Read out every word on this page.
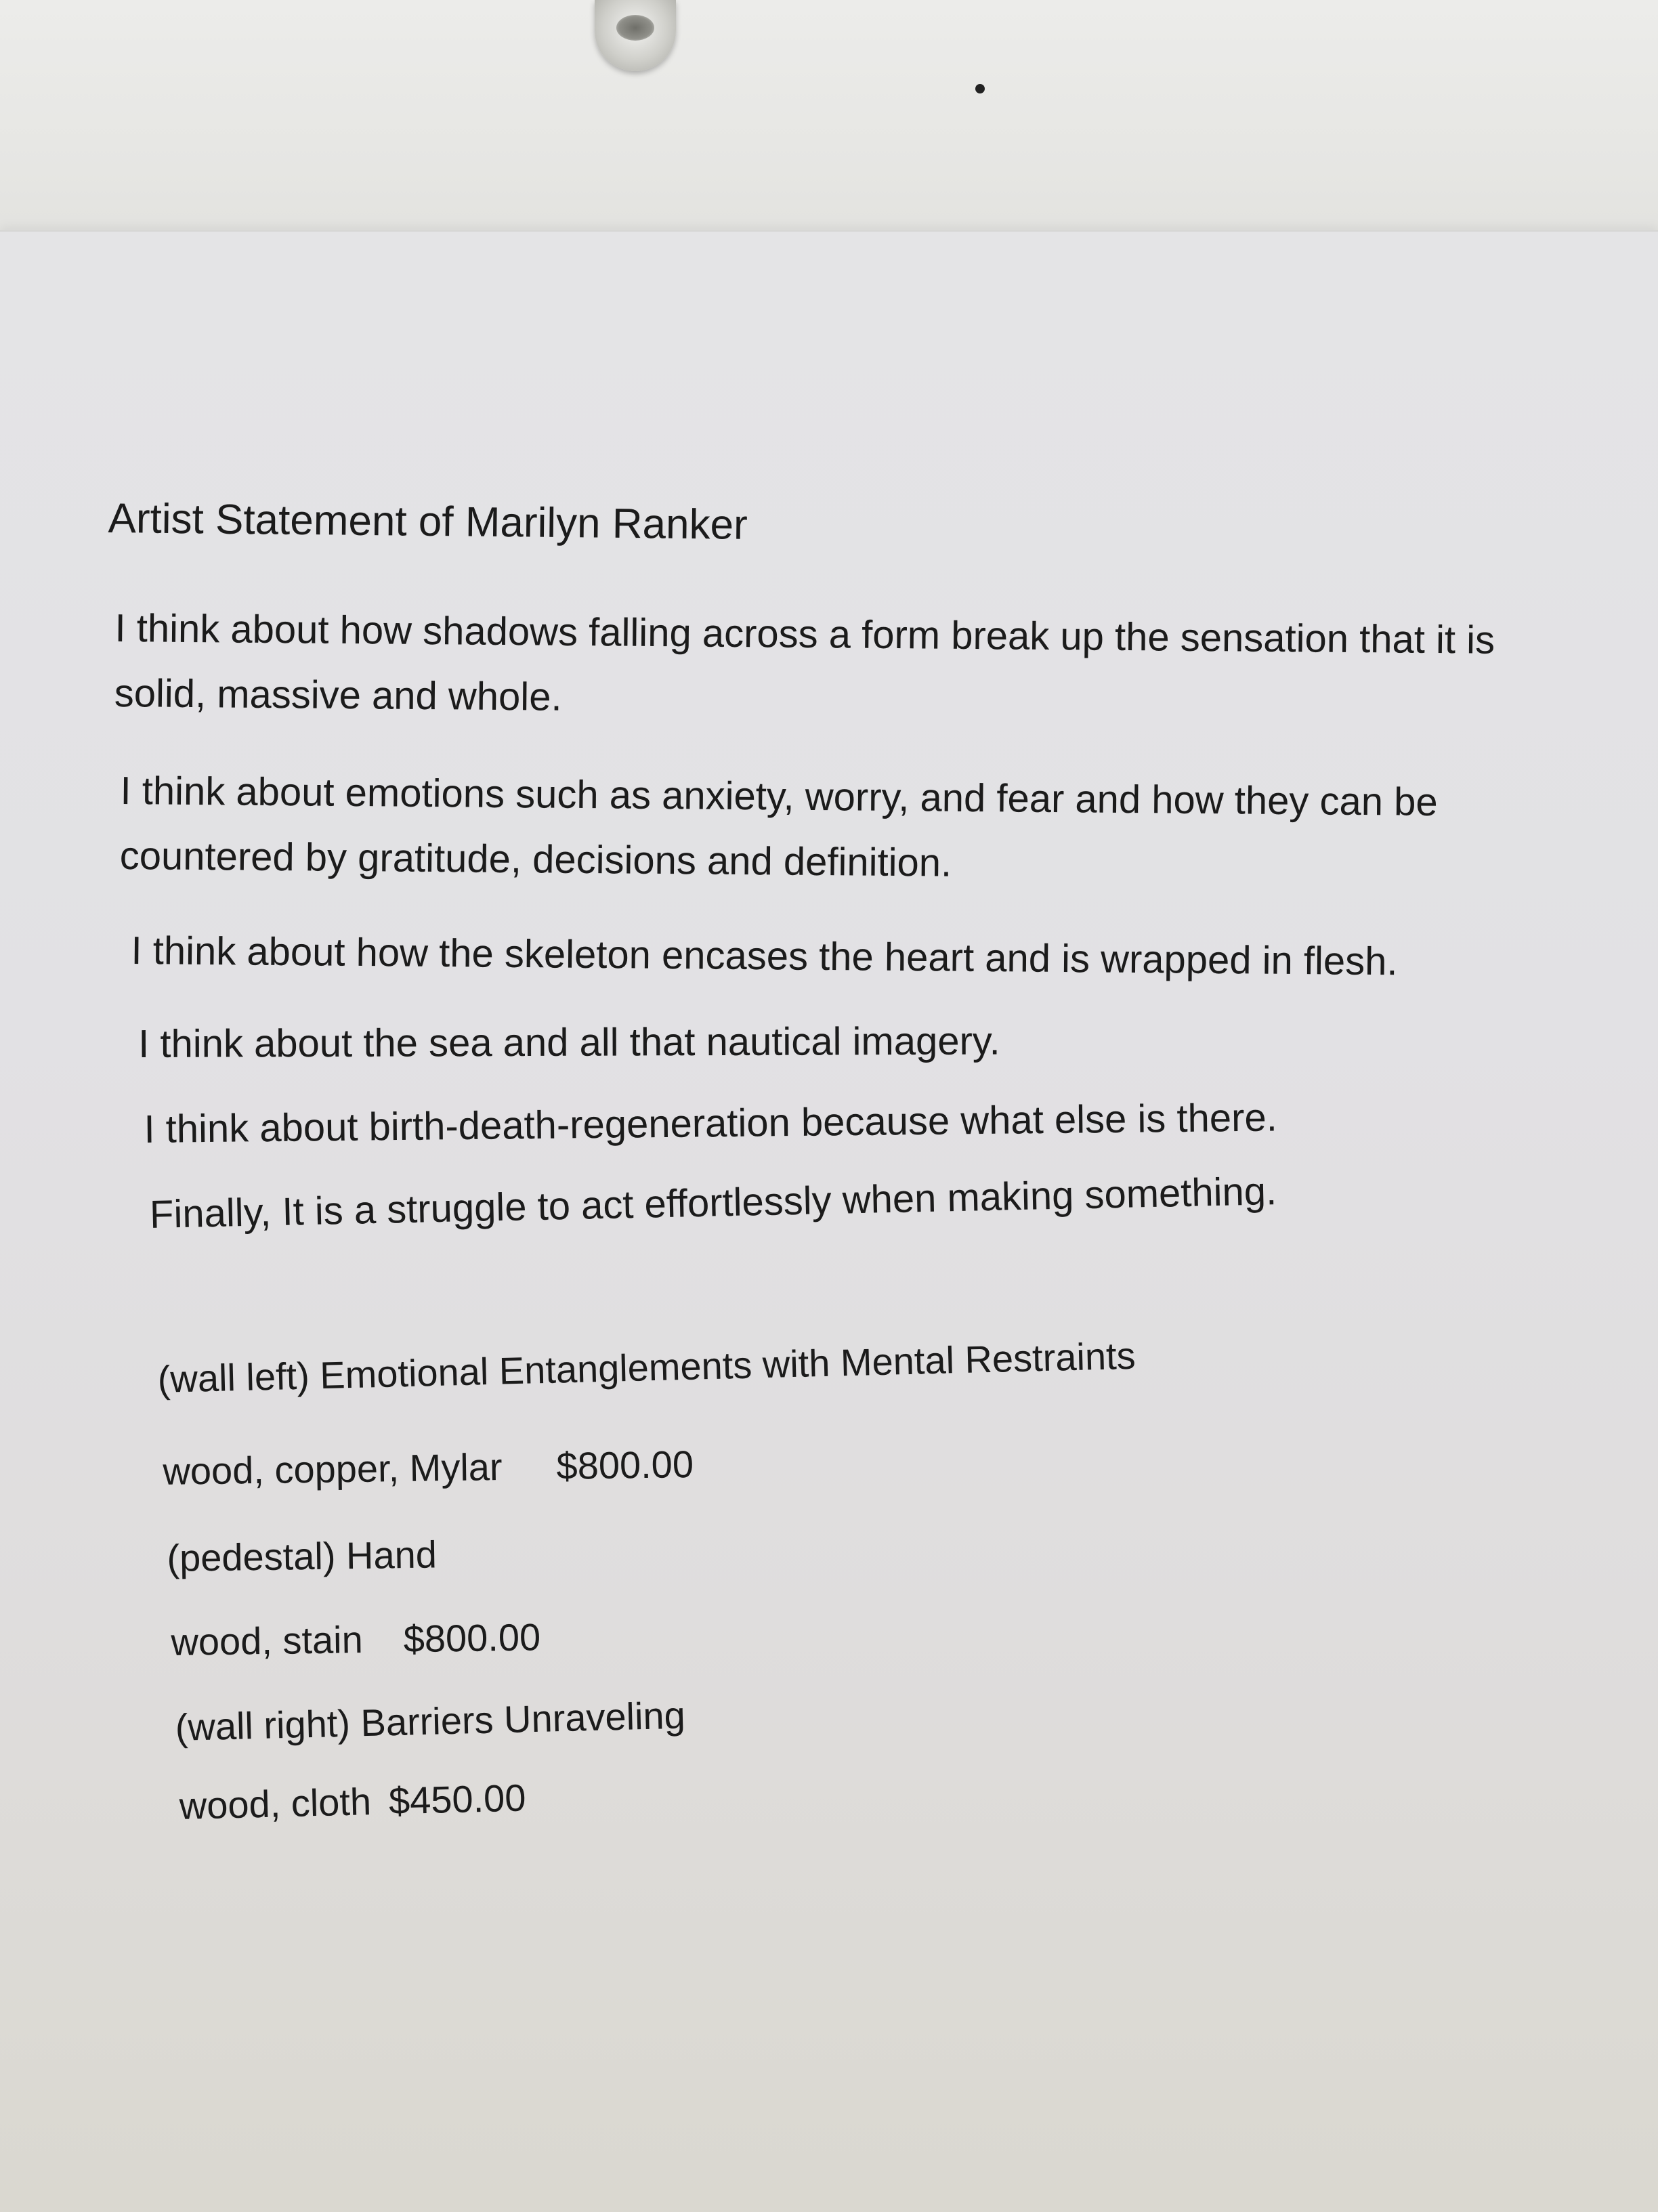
Artist Statement of Marilyn Ranker
I think about how shadows falling across a form break up the sensation that it is
solid, massive and whole.
I think about emotions such as anxiety, worry, and fear and how they can be
countered by gratitude, decisions and definition.
I think about how the skeleton encases the heart and is wrapped in flesh.
I think about the sea and all that nautical imagery.
I think about birth-death-regeneration because what else is there.
Finally, It is a struggle to act effortlessly when making something.
(wall left) Emotional Entanglements with Mental Restraints
wood, copper, Mylar $800.00
(pedestal) Hand
wood, stain $800.00
(wall right) Barriers Unraveling
wood, cloth $450.00
